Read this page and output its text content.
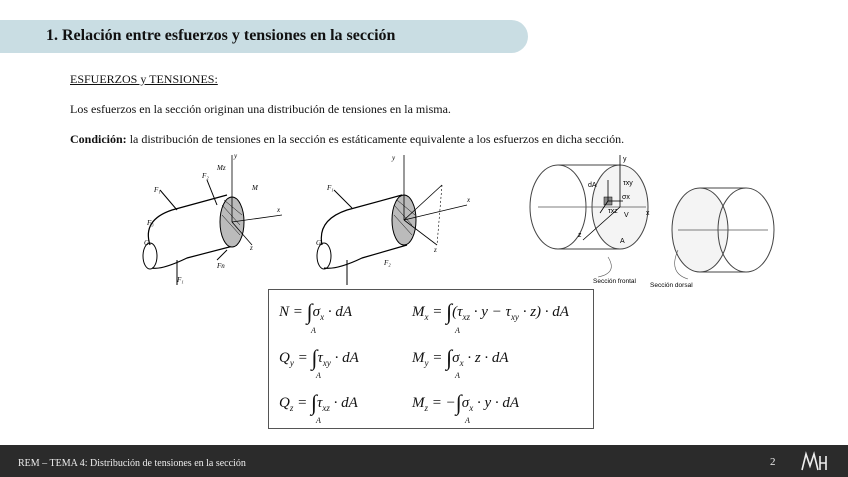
1. Relación entre esfuerzos y tensiones en la sección
ESFUERZOS y TENSIONES:
Los esfuerzos en la sección originan una distribución de tensiones en la misma.
Condición: la distribución de tensiones en la sección es estáticamente equivalente a los esfuerzos en dicha sección.
F₁
F₂
Mz
M
F₃
F₁
Fn
y
x
z
G
F₁
y
x
z
G
F₂
dA	τxy
σx
τxz
V
y
x
z
A
Sección frontal
Sección dorsal
$N = \int\sigma_x$ · dA
A
$Q_y = \int\tau_{xy}$ · dA
A
$Q_z = \int\tau_{xz}$ · dA
A
$M_x = \int(\tau_{xz} \cdot y - \tau_{xy} \cdot z)$ · dA
A
$M_y = \int\sigma_x \cdot z$ · dA
A
$M_z = -\int\sigma_x \cdot y$ · dA
A
REM – TEMA 4: Distribución de tensiones en la sección	2
